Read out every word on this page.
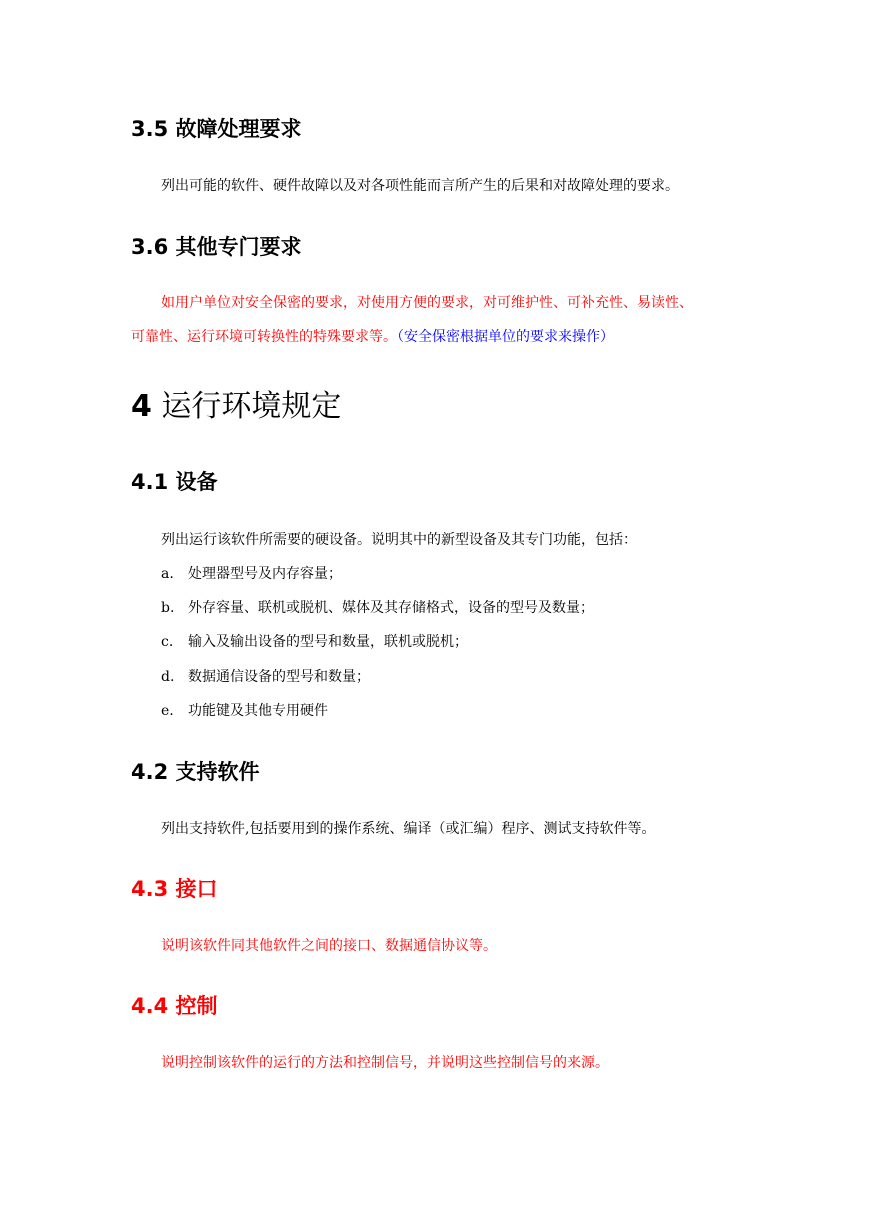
3.5 故障处理要求
列出可能的软件、硬件故障以及对各项性能而言所产生的后果和对故障处理的要求。
3.6 其他专门要求
如用户单位对安全保密的要求，对使用方便的要求，对可维护性、可补充性、易读性、
可靠性、运行环境可转换性的特殊要求等。（安全保密根据单位的要求来操作）
4 运行环境规定
4.1 设备
列出运行该软件所需要的硬设备。说明其中的新型设备及其专门功能，包括：
a. 处理器型号及内存容量；
b. 外存容量、联机或脱机、媒体及其存储格式，设备的型号及数量；
c. 输入及输出设备的型号和数量，联机或脱机；
d. 数据通信设备的型号和数量；
e. 功能键及其他专用硬件
4.2 支持软件
列出支持软件,包括要用到的操作系统、编译（或汇编）程序、测试支持软件等。
4.3 接口
说明该软件同其他软件之间的接口、数据通信协议等。
4.4 控制
说明控制该软件的运行的方法和控制信号，并说明这些控制信号的来源。
